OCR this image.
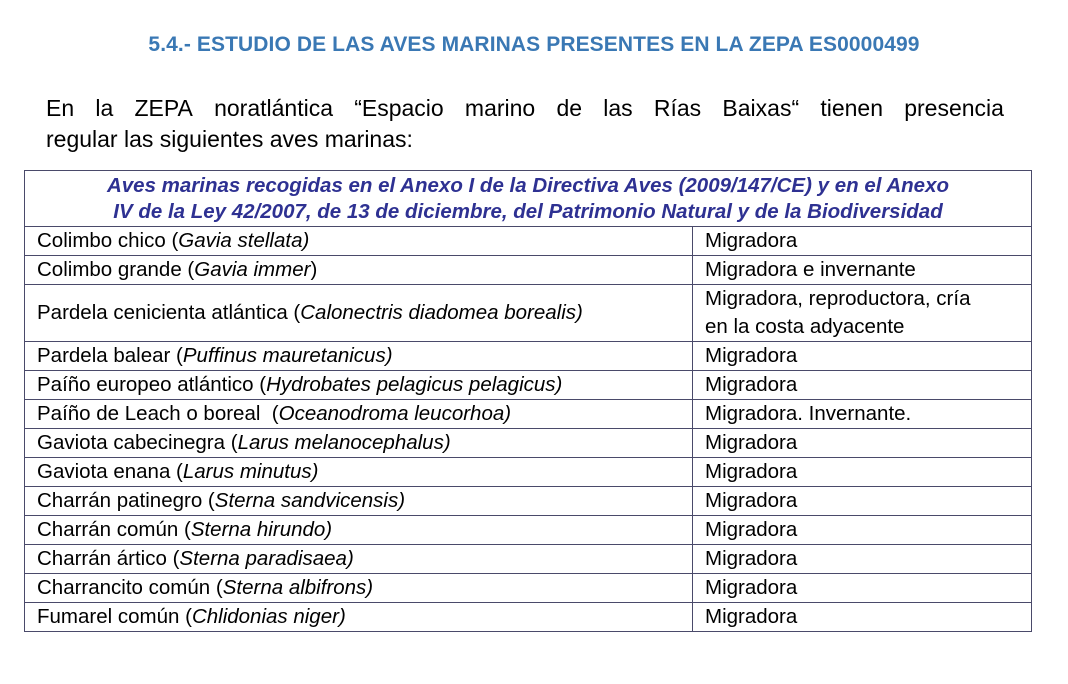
5.4.- ESTUDIO DE LAS AVES MARINAS PRESENTES EN LA ZEPA ES0000499
En la ZEPA noratlántica “Espacio marino de las Rías Baixas“ tienen presencia
regular las siguientes aves marinas:
Aves marinas recogidas en el Anexo I de la Directiva Aves (2009/147/CE) y en el Anexo
IV de la Ley 42/2007, de 13 de diciembre, del Patrimonio Natural y de la Biodiversidad	

Colimbo chico (Gavia stellata)	Migradora
Colimbo grande (Gavia immer)	Migradora e invernante
Pardela cenicienta atlántica (Calonectris diadomea borealis)	Migradora, reproductora, cría
en la costa adyacente

Pardela balear (Puffinus mauretanicus)	Migradora
Paíño europeo atlántico (Hydrobates pelagicus pelagicus)	Migradora
Paíño de Leach o boreal  (Oceanodroma leucorhoa)	Migradora. Invernante.
Gaviota cabecinegra (Larus melanocephalus)	Migradora
Gaviota enana (Larus minutus)	Migradora
Charrán patinegro (Sterna sandvicensis)	Migradora
Charrán común (Sterna hirundo)	Migradora
Charrán ártico (Sterna paradisaea)	Migradora
Charrancito común (Sterna albifrons)	Migradora
Fumarel común (Chlidonias niger)	Migradora
